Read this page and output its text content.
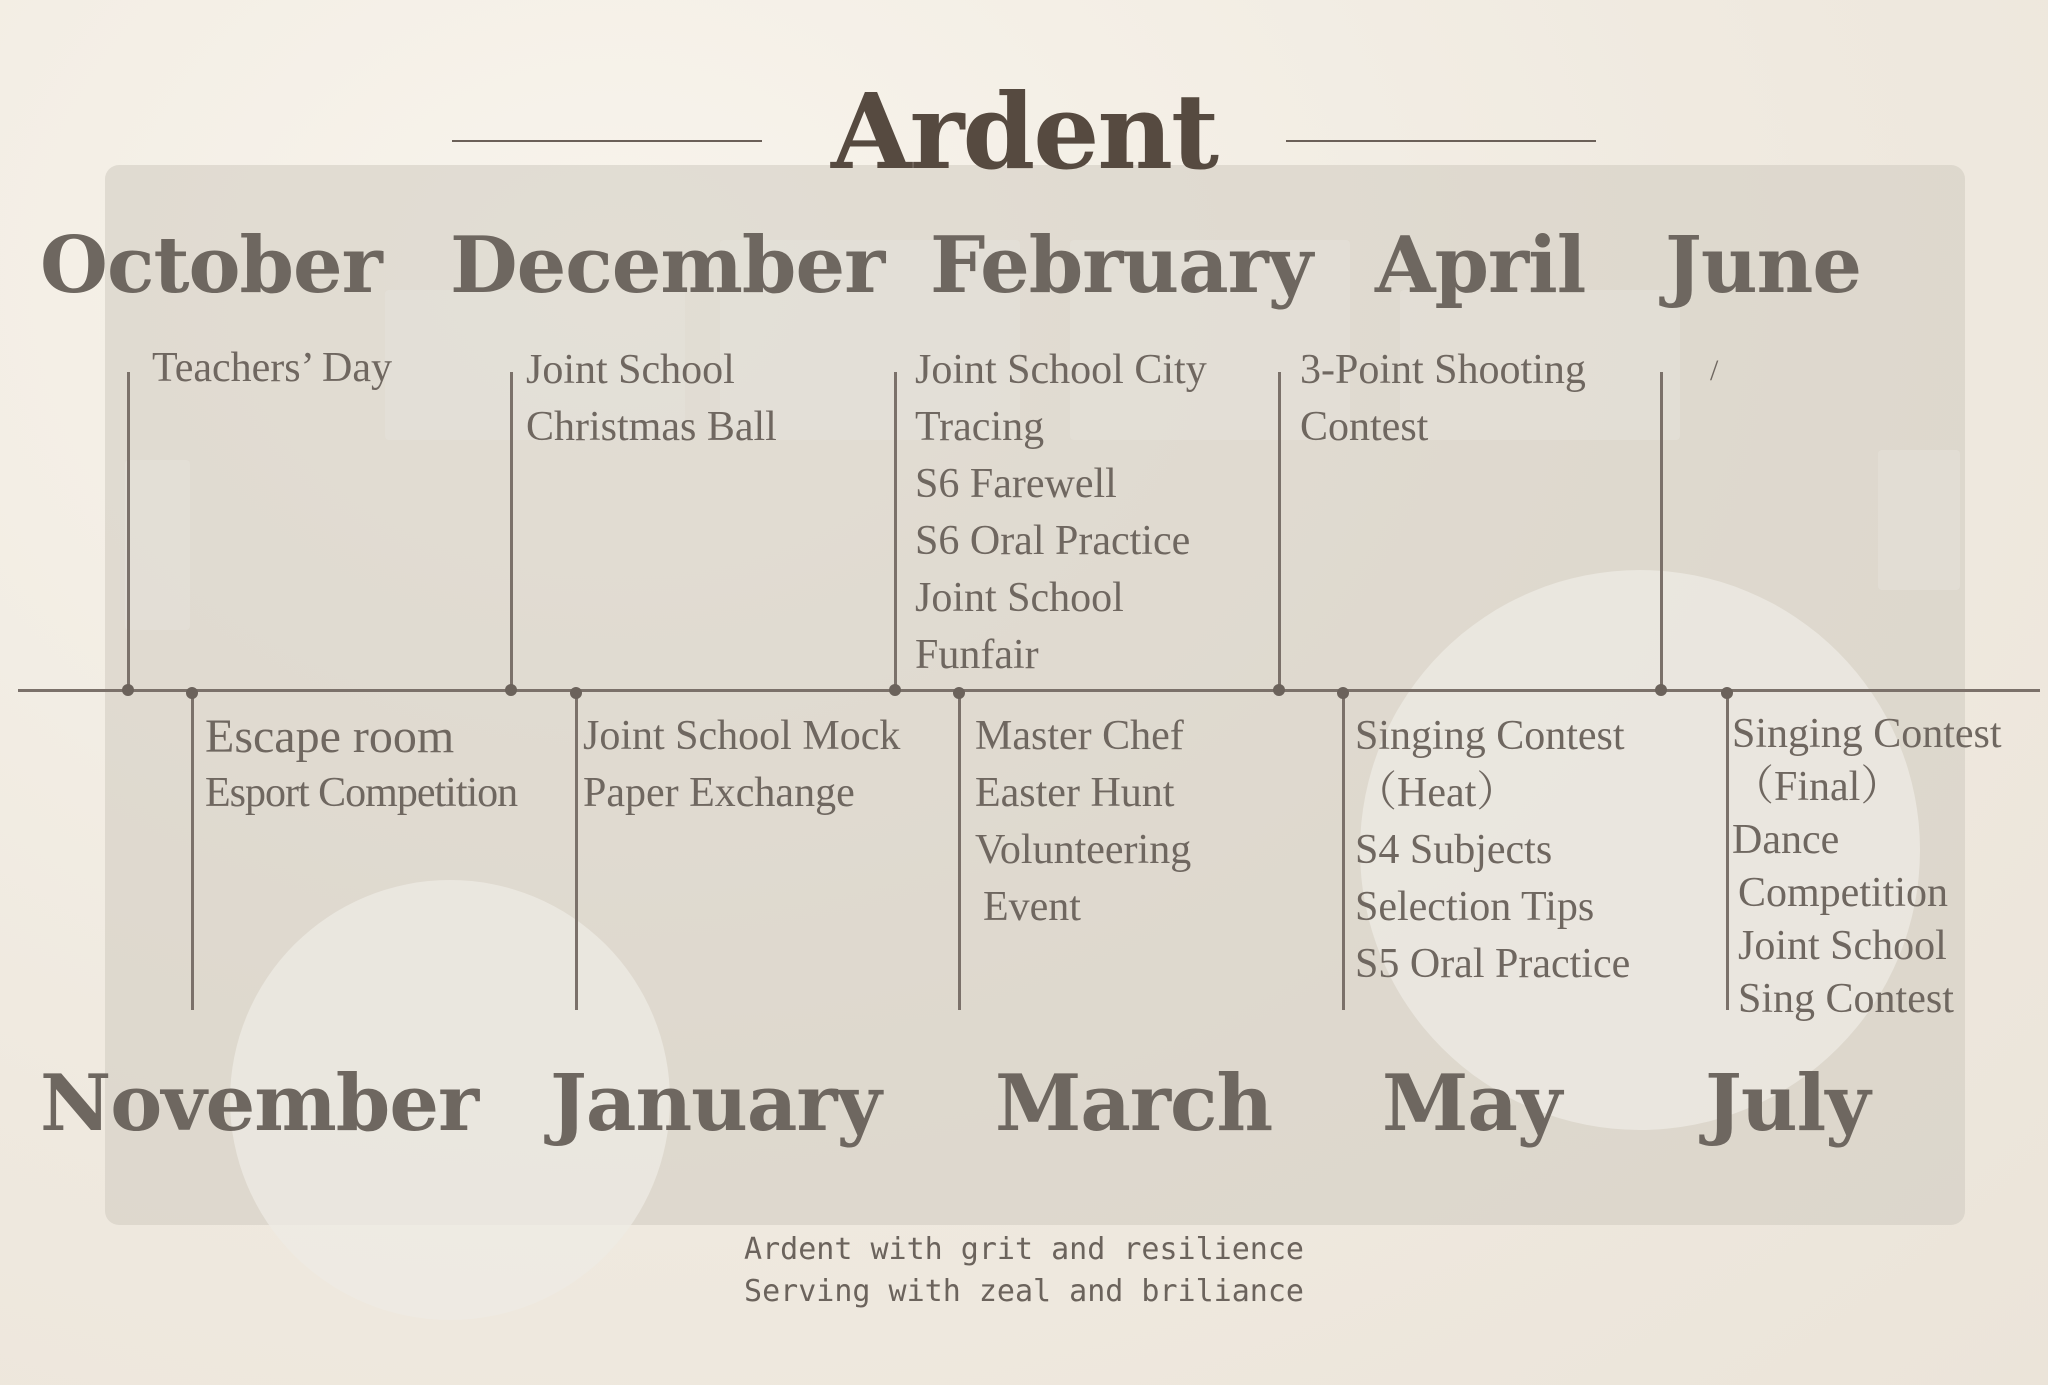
Ardent
October December February April June
Teachers’ Day	Joint School
Christmas Ball
Joint School City
Tracing
S6 Farewell
S6 Oral Practice
Joint School
Funfair
3-Point Shooting
Contest
/
Escape room
Esport Competition
Joint School Mock
Paper Exchange
Master Chef
Easter Hunt
Volunteering
Event
Singing Contest
（Heat）
S4 Subjects
Selection Tips
S5 Oral Practice
Singing Contest
（Final）
Dance
Competition
Joint School
Sing Contest
November January March May July
Ardent with grit and resilience
Serving with zeal and briliance
